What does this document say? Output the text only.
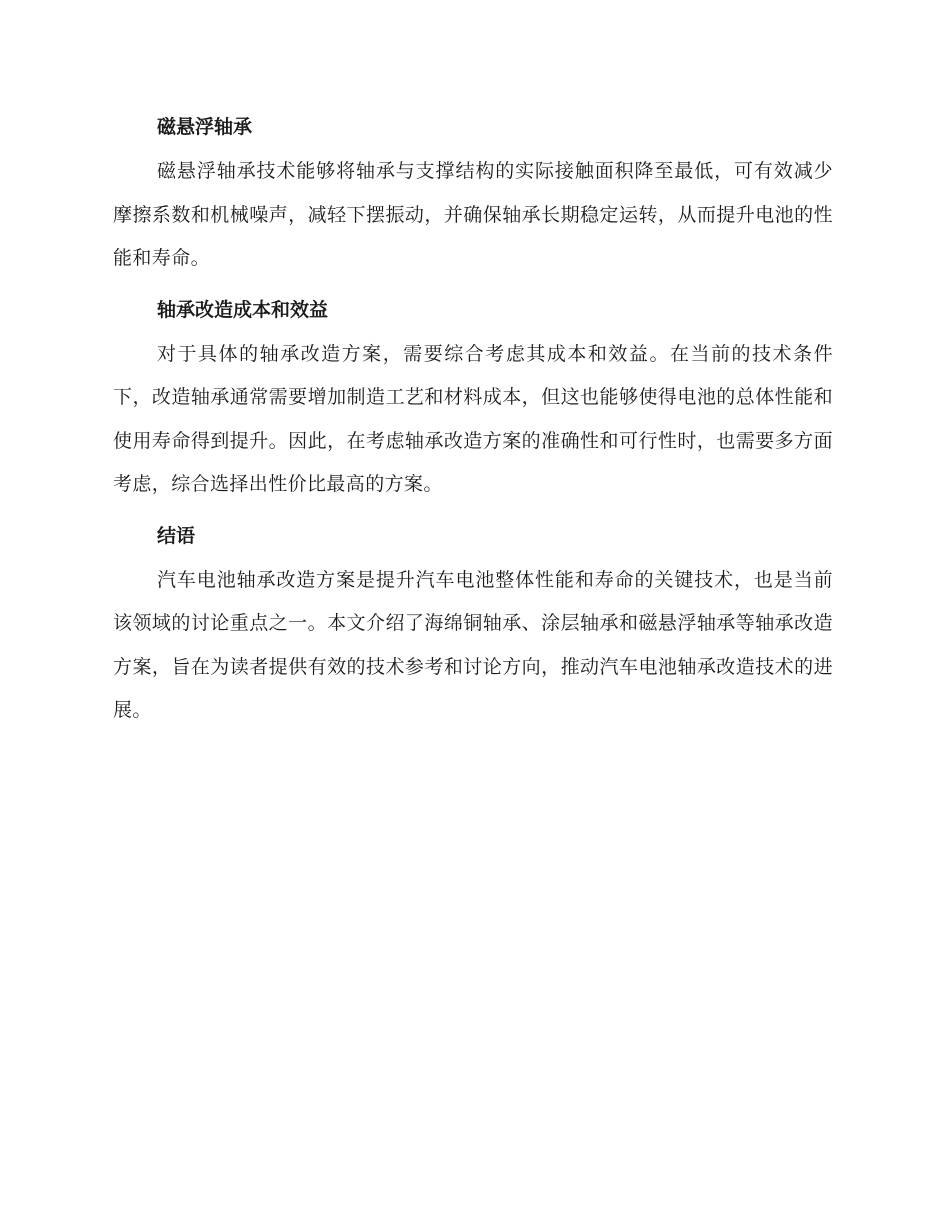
磁悬浮轴承

磁悬浮轴承技术能够将轴承与支撑结构的实际接触面积降至最低，可有效减少摩擦系数和机械噪声，减轻下摆振动，并确保轴承长期稳定运转，从而提升电池的性能和寿命。

轴承改造成本和效益

对于具体的轴承改造方案，需要综合考虑其成本和效益。在当前的技术条件下，改造轴承通常需要增加制造工艺和材料成本，但这也能够使得电池的总体性能和使用寿命得到提升。因此，在考虑轴承改造方案的准确性和可行性时，也需要多方面考虑，综合选择出性价比最高的方案。

结语

汽车电池轴承改造方案是提升汽车电池整体性能和寿命的关键技术，也是当前该领域的讨论重点之一。本文介绍了海绵铜轴承、涂层轴承和磁悬浮轴承等轴承改造方案，旨在为读者提供有效的技术参考和讨论方向，推动汽车电池轴承改造技术的进展。
